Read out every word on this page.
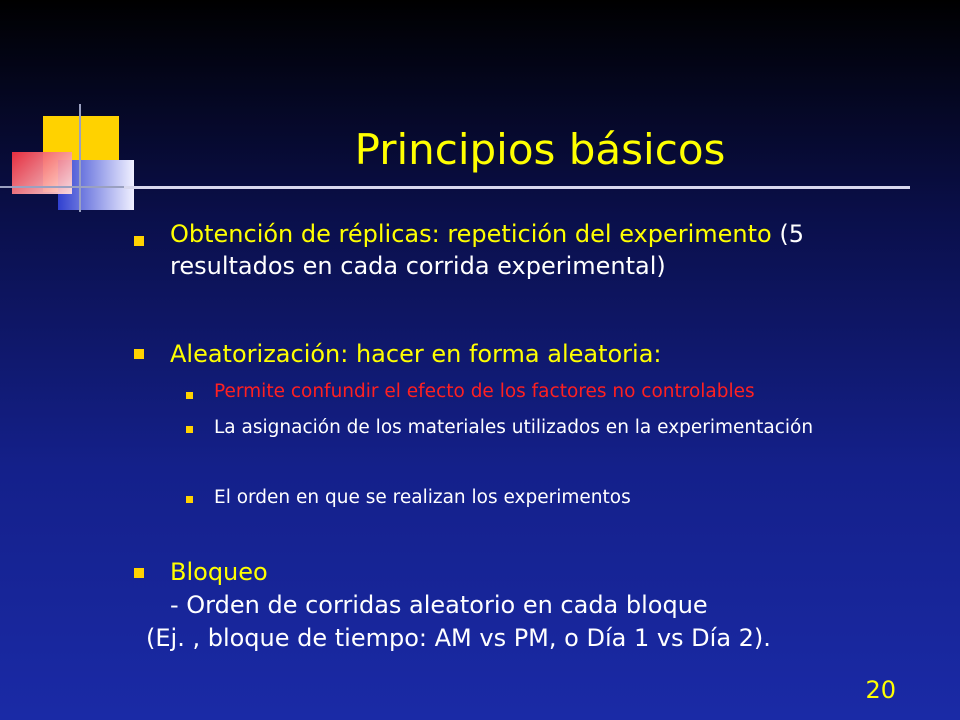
Principios básicos
Obtención de réplicas: repetición del experimento (5 resultados en cada corrida experimental)
Aleatorización: hacer en forma aleatoria:
Permite confundir el efecto de los factores no controlables
La asignación de los materiales utilizados en la experimentación
El orden en que se realizan los experimentos
Bloqueo
- Orden de corridas aleatorio en cada bloque
(Ej. , bloque de tiempo: AM vs PM, o Día 1 vs Día 2).
20
